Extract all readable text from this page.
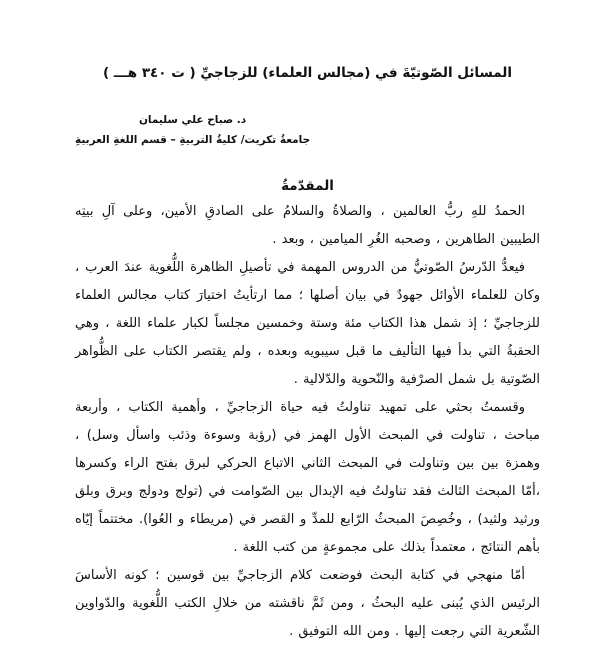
المسائل الصّوتيّةَ في (مجالس العلماء) للزجاجيِّ ( ت ٣٤٠ هـــ )
د. صباح علي سليمان
جامعةُ تكريت/ كليةُ التربيةِ – قسم اللغةِ العربيةِ
المقدّمةُ

الحمدُ للهِ ربُّ العالمين ، والصلاةُ والسلامُ على الصادقِ الأمين، وعلى آلِ بيتِه الطيبين الطاهرين ، وصحبه الغُرِ الميامين ، وبعد .

فيعدُّ الدّرسُ الصّوتيُّ من الدروس المهمة في تأصيلِ الظاهرة اللُّغوية عندَ العرب ، وكان للعلماء الأوائل جهودٌ في بيان أصلها ؛ مما ارتأيتُ اختيارَ كتاب مجالس العلماء للزجاجيِّ ؛ إذ شمل هذا الكتاب مئة وستة وخمسين مجلساً لكبار علماء اللغة ، وهي الحقبةُ التي بدأ فيها التأليف ما قبل سيبويه وبعده ، ولم يقتصر الكتاب على الظُّواهر الصّوتية بل شمل الصرْفية والنّحوية والدّلالية .

وقسمتُ بحثي على تمهيد تناولتُ فيه حياة الزجاجيِّ ، وأهمية الكتاب ، وأربعة مباحث ، تناولت في المبحث الأول الهمز في (رؤبة وسوءة وذئب واسأل وسل) ، وهمزة بين بين وتناولت في المبحث الثاني الاتباع الحركي لبرق بفتح الراء وكسرها ،أمّا المبحث الثالث فقد تناولتُ فيه الإبدال بين الصّوامت في (تولج ودولج وبرق وبلق ورثيد ولثيد) ، وخُصِصَ المبحثُ الرّابع للمدِّ و القصر في (مريطاء و العُوا). مختتماً إيّاه بأهم النتائج ، معتمداً بذلك على مجموعةٍ من كتب اللغة .

أمّا منهجي في كتابة البحث فوضعت كلام الزجاجيِّ بين قوسين ؛ كونه الأساسَ الرئيس الذي يُبنى عليه البحثُ ، ومن ثَمَّ ناقشته من خلالِ الكتب اللُّغوية والدّواوين الشّعرية التي رجعت إليها . ومن الله التوفيق .
